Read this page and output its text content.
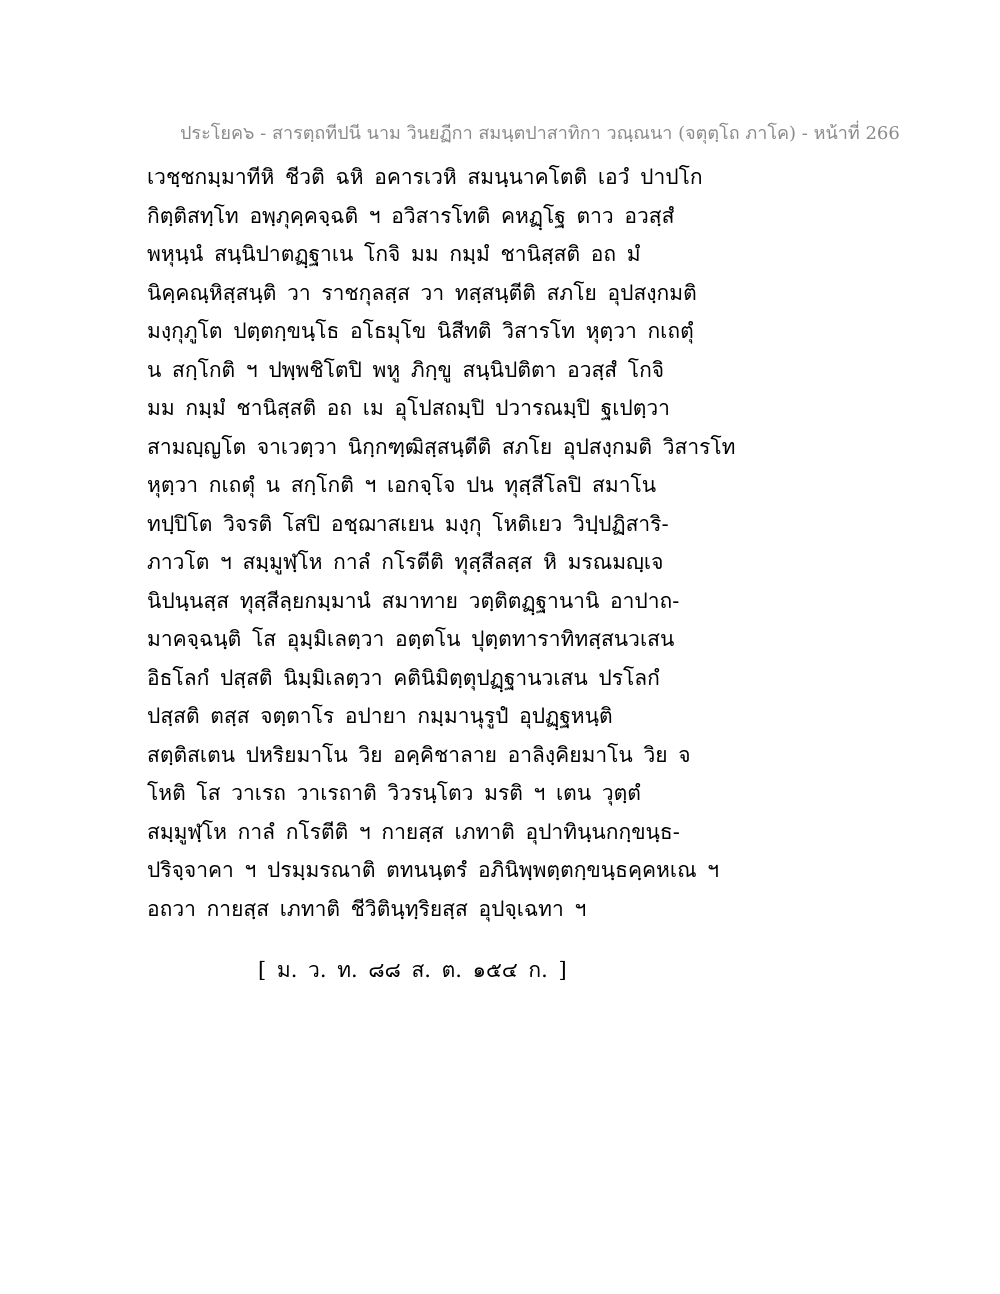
ประโยค๖ - สารตฺถทีปนี นาม วินยฏีกา สมนฺตปาสาทิกา วณฺณนา (จตุตฺโถ ภาโค) - หน้าที่ 266
เวชฺชกมฺมาทีหิ ชีวติ ฉหิ อคารเวหิ สมนฺนาคโตติ เอวํ ปาปโก
กิตฺติสทฺโท อพฺภุคฺคจฺฉติ ฯ อวิสารโทติ คหฏฺโฐ ตาว อวสฺสํ
พหุนฺนํ สนฺนิปาตฏฺฐาเน โกจิ มม กมฺมํ ชานิสฺสติ อถ มํ
นิคฺคณฺหิสฺสนฺติ วา ราชกุลสฺส วา ทสฺสนฺตีติ สภโย อุปสงฺกมติ
มงฺกุภูโต ปตฺตกฺขนฺโธ อโธมุโข นิสีทติ วิสารโท หุตฺวา กเถตุํ
น สกฺโกติ ฯ ปพฺพชิโตปิ พหู ภิกฺขู สนฺนิปติตา อวสฺสํ โกจิ
มม กมฺมํ ชานิสฺสติ อถ เม อุโปสถมฺปิ ปวารณมฺปิ ฐเปตฺวา
สามญฺญโต จาเวตฺวา นิกฺกฑฺฒิสฺสนฺตีติ สภโย อุปสงฺกมติ วิสารโท
หุตฺวา กเถตุํ น สกฺโกติ ฯ เอกจฺโจ ปน ทุสฺสีโลปิ สมาโน
ทปฺปิโต วิจรติ โสปิ อชฺฌาสเยน มงฺกุ โหติเยว วิปฺปฏิสาริ-
ภาวโต ฯ สมฺมูฬฺโห กาลํ กโรตีติ ทุสฺสีลสฺส หิ มรณมญฺเจ
นิปนฺนสฺส ทุสฺสีลฺยกมฺมานํ สมาทาย วตฺติตฏฺฐานานิ อาปาถ-
มาคจฺฉนฺติ โส อุมฺมิเลตฺวา อตฺตโน ปุตฺตทาราทิทสฺสนวเสน
อิธโลกํ ปสฺสติ นิมฺมิเลตฺวา คตินิมิตฺตุปฏฺฐานวเสน ปรโลกํ
ปสฺสติ ตสฺส จตฺตาโร อปายา กมฺมานุรูปํ อุปฏฺฐหนฺติ
สตฺติสเตน ปหริยมาโน วิย อคฺคิชาลาย อาลิงฺคิยมาโน วิย จ
โหติ โส วาเรถ วาเรถาติ วิวรนฺโตว มรติ ฯ เตน วุตฺตํ
สมฺมูฬฺโห กาลํ กโรตีติ ฯ กายสฺส เภทาติ อุปาทินฺนกกฺขนฺธ-
ปริจฺจาคา ฯ ปรมฺมรณาติ ตทนนฺตรํ อภินิพฺพตฺตกฺขนฺธคฺคหเณ ฯ
อถวา กายสฺส เภทาติ ชีวิตินฺทฺริยสฺส อุปจฺเฉทา ฯ
[ ม. ว. ท. ๘๘ ส. ต. ๑๕๔ ก. ]
